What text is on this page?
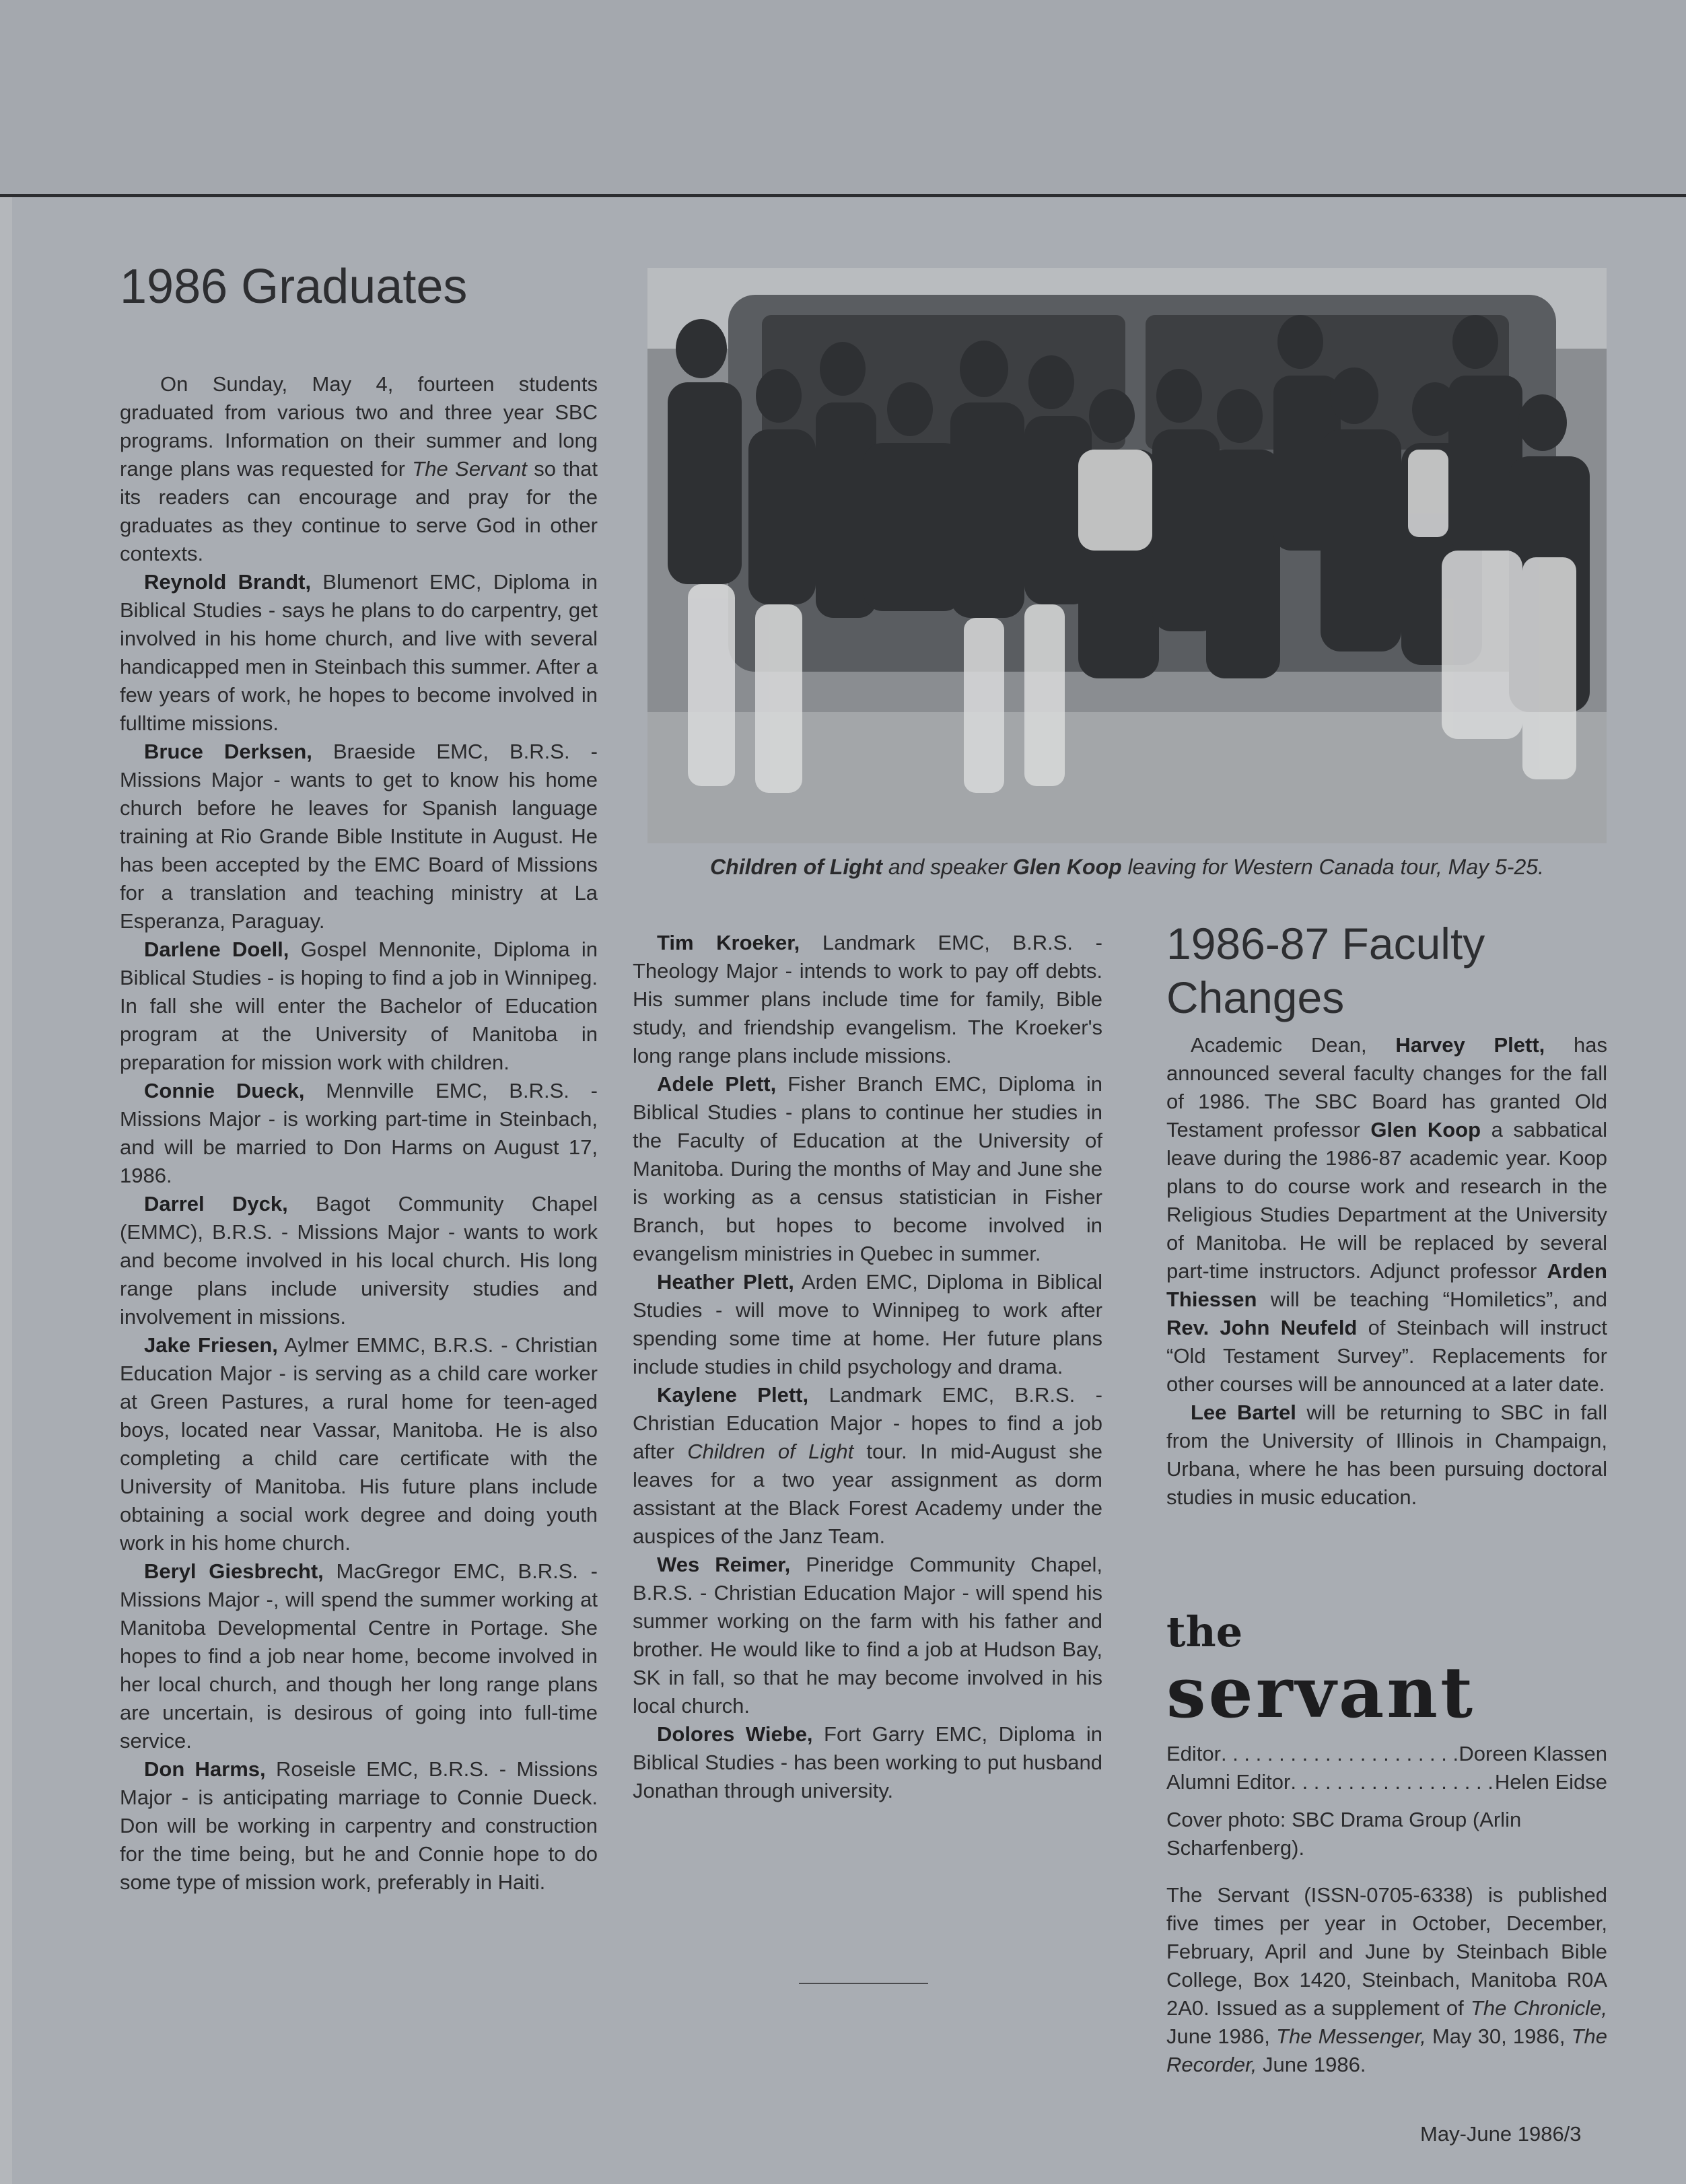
1986 Graduates

On Sunday, May 4, fourteen students graduated from various two and three year SBC programs. Information on their summer and long range plans was requested for The Servant so that its readers can encourage and pray for the graduates as they continue to serve God in other contexts.

Reynold Brandt, Blumenort EMC, Diploma in Biblical Studies - says he plans to do carpentry, get involved in his home church, and live with several handicapped men in Steinbach this summer. After a few years of work, he hopes to become involved in fulltime missions.

Bruce Derksen, Braeside EMC, B.R.S. - Missions Major - wants to get to know his home church before he leaves for Spanish language training at Rio Grande Bible Institute in August. He has been accepted by the EMC Board of Missions for a translation and teaching ministry at La Esperanza, Paraguay.

Darlene Doell, Gospel Mennonite, Diploma in Biblical Studies - is hoping to find a job in Winnipeg. In fall she will enter the Bachelor of Education program at the University of Manitoba in preparation for mission work with children.

Connie Dueck, Mennville EMC, B.R.S. - Missions Major - is working part-time in Steinbach, and will be married to Don Harms on August 17, 1986.

Darrel Dyck, Bagot Community Chapel (EMMC), B.R.S. - Missions Major - wants to work and become involved in his local church. His long range plans include university studies and involvement in missions.

Jake Friesen, Aylmer EMMC, B.R.S. - Christian Education Major - is serving as a child care worker at Green Pastures, a rural home for teen-aged boys, located near Vassar, Manitoba. He is also completing a child care certificate with the University of Manitoba. His future plans include obtaining a social work degree and doing youth work in his home church.

Beryl Giesbrecht, MacGregor EMC, B.R.S. - Missions Major -, will spend the summer working at Manitoba Developmental Centre in Portage. She hopes to find a job near home, become involved in her local church, and though her long range plans are uncertain, is desirous of going into full-time service.

Don Harms, Roseisle EMC, B.R.S. - Missions Major - is anticipating marriage to Connie Dueck. Don will be working in carpentry and construction for the time being, but he and Connie hope to do some type of mission work, preferably in Haiti.

Children of Light and speaker Glen Koop leaving for Western Canada tour, May 5-25.

Tim Kroeker, Landmark EMC, B.R.S. - Theology Major - intends to work to pay off debts. His summer plans include time for family, Bible study, and friendship evangelism. The Kroeker's long range plans include missions.

Adele Plett, Fisher Branch EMC, Diploma in Biblical Studies - plans to continue her studies in the Faculty of Education at the University of Manitoba. During the months of May and June she is working as a census statistician in Fisher Branch, but hopes to become involved in evangelism ministries in Quebec in summer.

Heather Plett, Arden EMC, Diploma in Biblical Studies - will move to Winnipeg to work after spending some time at home. Her future plans include studies in child psychology and drama.

Kaylene Plett, Landmark EMC, B.R.S. - Christian Education Major - hopes to find a job after Children of Light tour. In mid-August she leaves for a two year assignment as dorm assistant at the Black Forest Academy under the auspices of the Janz Team.

Wes Reimer, Pineridge Community Chapel, B.R.S. - Christian Education Major - will spend his summer working on the farm with his father and brother. He would like to find a job at Hudson Bay, SK in fall, so that he may become involved in his local church.

Dolores Wiebe, Fort Garry EMC, Diploma in Biblical Studies - has been working to put husband Jonathan through university.

1986-87 Faculty
Changes

Academic Dean, Harvey Plett, has announced several faculty changes for the fall of 1986. The SBC Board has granted Old Testament professor Glen Koop a sabbatical leave during the 1986-87 academic year. Koop plans to do course work and research in the Religious Studies Department at the University of Manitoba. He will be replaced by several part-time instructors. Adjunct professor Arden Thiessen will be teaching “Homiletics”, and Rev. John Neufeld of Steinbach will instruct “Old Testament Survey”. Replacements for other courses will be announced at a later date.

Lee Bartel will be returning to SBC in fall from the University of Illinois in Champaign, Urbana, where he has been pursuing doctoral studies in music education.

the
servant
Editor . . .	Doreen Klassen
Alumni Editor . . .	Helen Eidse
Cover photo: SBC Drama Group (Arlin Scharfenberg).
The Servant (ISSN-0705-6338) is published five times per year in October, December, February, April and June by Steinbach Bible College, Box 1420, Steinbach, Manitoba R0A 2A0. Issued as a supplement of The Chronicle, June 1986, The Messenger, May 30, 1986, The Recorder, June 1986.
May-June 1986/3
